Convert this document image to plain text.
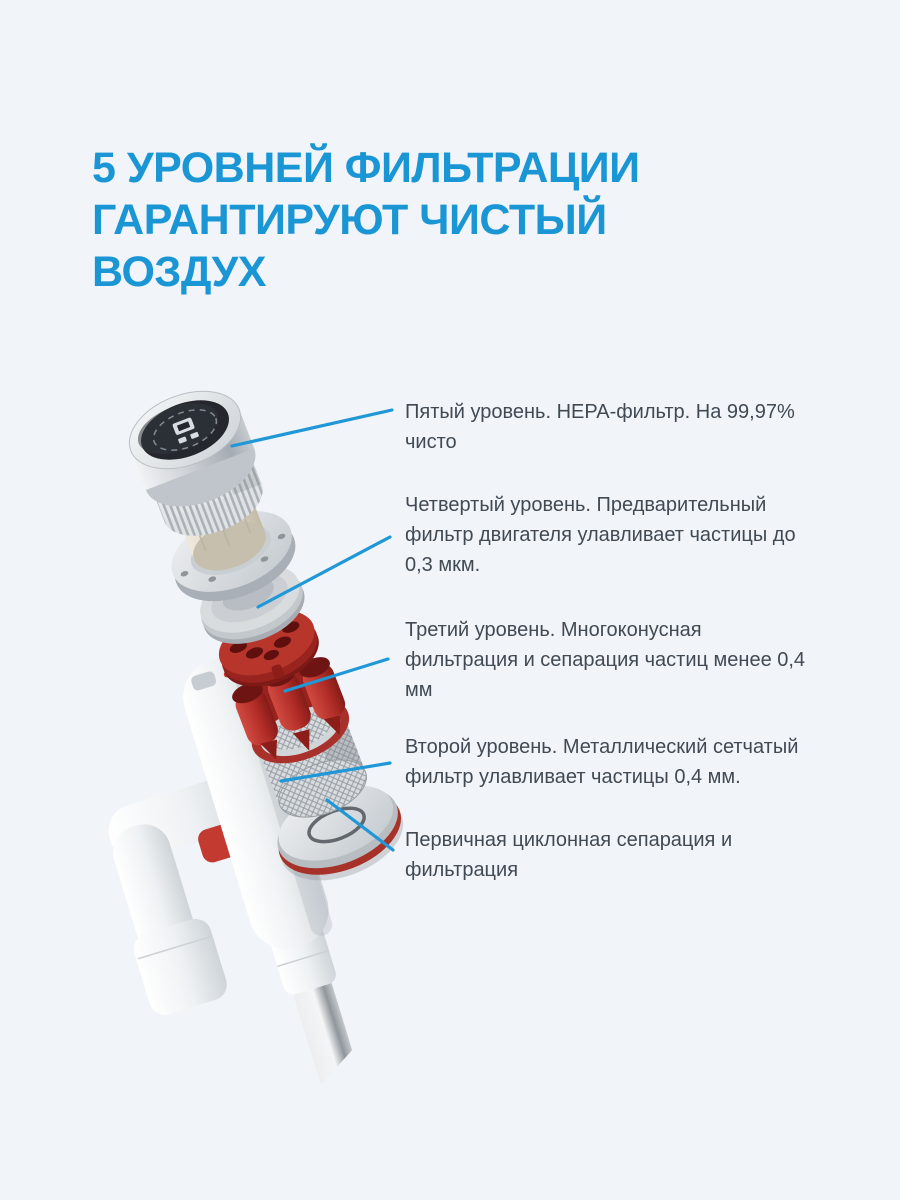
5 УРОВНЕЙ ФИЛЬТРАЦИИ
ГАРАНТИРУЮТ ЧИСТЫЙ
ВОЗДУХ
Пятый уровень. HEPA-фильтр. На 99,97% чисто
Четвертый уровень. Предварительный фильтр двигателя улавливает частицы до 0,3 мкм.
Третий уровень. Многоконусная фильтрация и сепарация частиц менее 0,4 мм
Второй уровень. Металлический сетчатый фильтр улавливает частицы 0,4 мм.
Первичная циклонная сепарация и фильтрация
